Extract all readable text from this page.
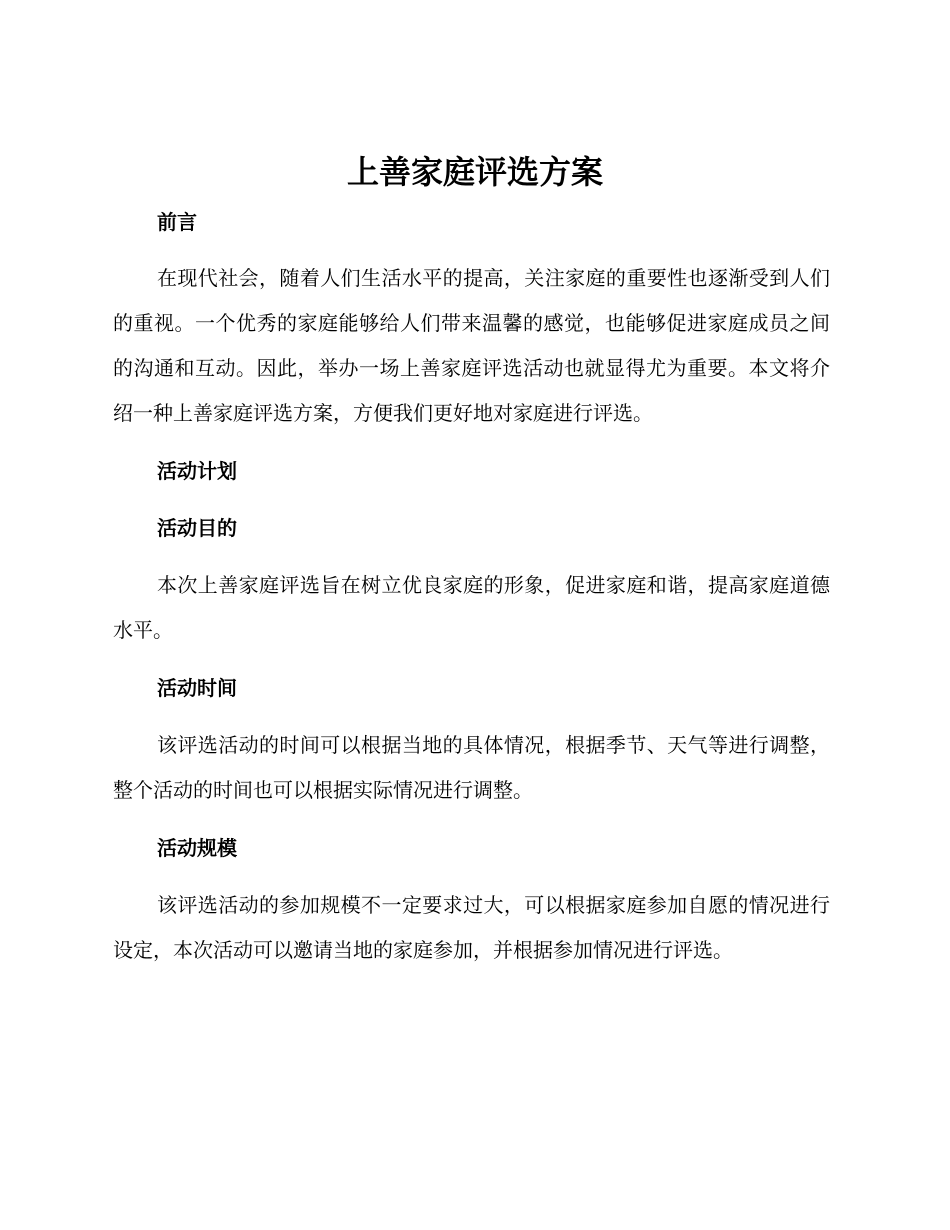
上善家庭评选方案
前言

在现代社会，随着人们生活水平的提高，关注家庭的重要性也逐渐受到人们的重视。一个优秀的家庭能够给人们带来温馨的感觉，也能够促进家庭成员之间的沟通和互动。因此，举办一场上善家庭评选活动也就显得尤为重要。本文将介绍一种上善家庭评选方案，方便我们更好地对家庭进行评选。

活动计划
活动目的

本次上善家庭评选旨在树立优良家庭的形象，促进家庭和谐，提高家庭道德水平。

活动时间

该评选活动的时间可以根据当地的具体情况，根据季节、天气等进行调整，整个活动的时间也可以根据实际情况进行调整。

活动规模

该评选活动的参加规模不一定要求过大，可以根据家庭参加自愿的情况进行设定，本次活动可以邀请当地的家庭参加，并根据参加情况进行评选。
